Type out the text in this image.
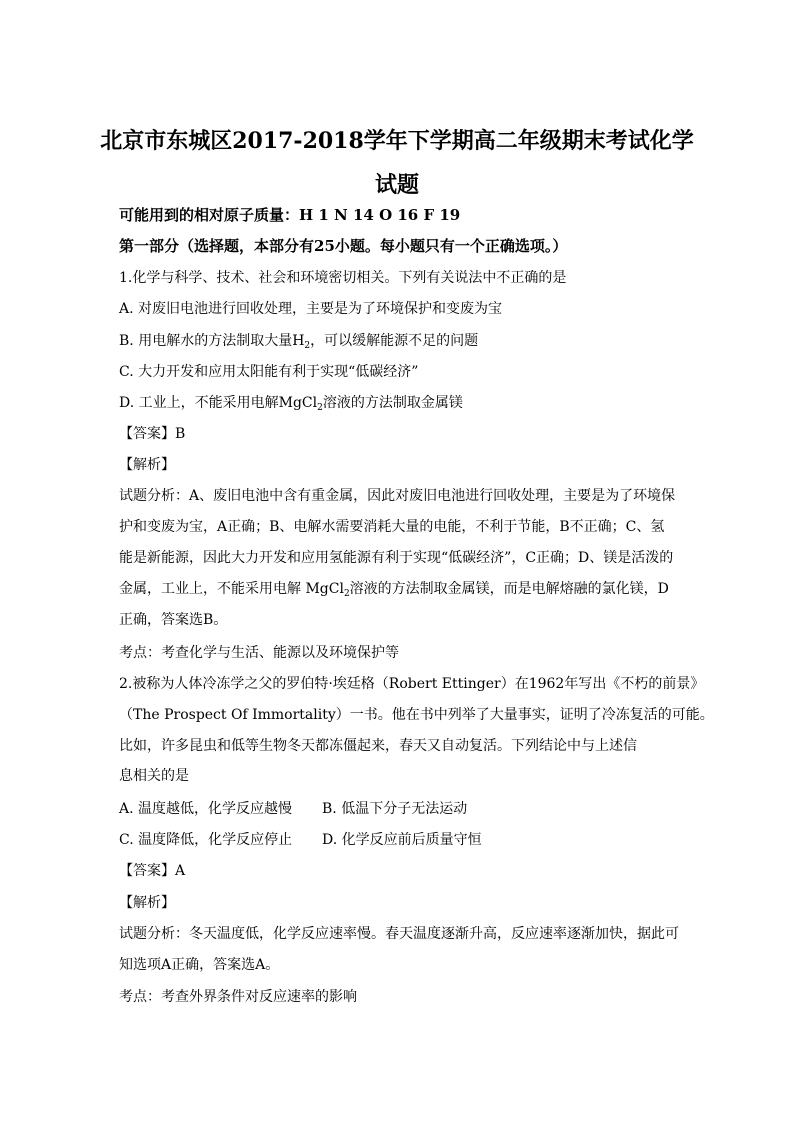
北京市东城区2017-2018学年下学期高二年级期末考试化学
试题
可能用到的相对原子质量：H 1 N 14 O 16 F 19
第一部分（选择题，本部分有25小题。每小题只有一个正确选项。）
1.化学与科学、技术、社会和环境密切相关。下列有关说法中不正确的是
A. 对废旧电池进行回收处理，主要是为了环境保护和变废为宝
B. 用电解水的方法制取大量$H_2$，可以缓解能源不足的问题
C. 大力开发和应用太阳能有利于实现“低碳经济”
D. 工业上，不能采用电解MgCl$_2$溶液的方法制取金属镁
【答案】B
【解析】
试题分析：A、废旧电池中含有重金属，因此对废旧电池进行回收处理，主要是为了环境保
护和变废为宝，A正确；B、电解水需要消耗大量的电能，不利于节能，B不正确；C、氢
能是新能源，因此大力开发和应用氢能源有利于实现“低碳经济”，C正确；D、镁是活泼的
金属，工业上，不能采用电解 MgCl$_2$溶液的方法制取金属镁，而是电解熔融的氯化镁，D
正确，答案选B。
考点：考查化学与生活、能源以及环境保护等
2.被称为人体冷冻学之父的罗伯特·埃廷格（Robert Ettinger）在1962年写出《不朽的前景》
（The Prospect Of Immortality）一书。他在书中列举了大量事实，证明了冷冻复活的可能。
比如，许多昆虫和低等生物冬天都冻僵起来，春天又自动复活。下列结论中与上述信
息相关的是
A. 温度越低，化学反应越慢 B. 低温下分子无法运动
C. 温度降低，化学反应停止 D. 化学反应前后质量守恒
【答案】A
【解析】
试题分析：冬天温度低，化学反应速率慢。春天温度逐渐升高，反应速率逐渐加快，据此可
知选项A正确，答案选A。
考点：考查外界条件对反应速率的影响
